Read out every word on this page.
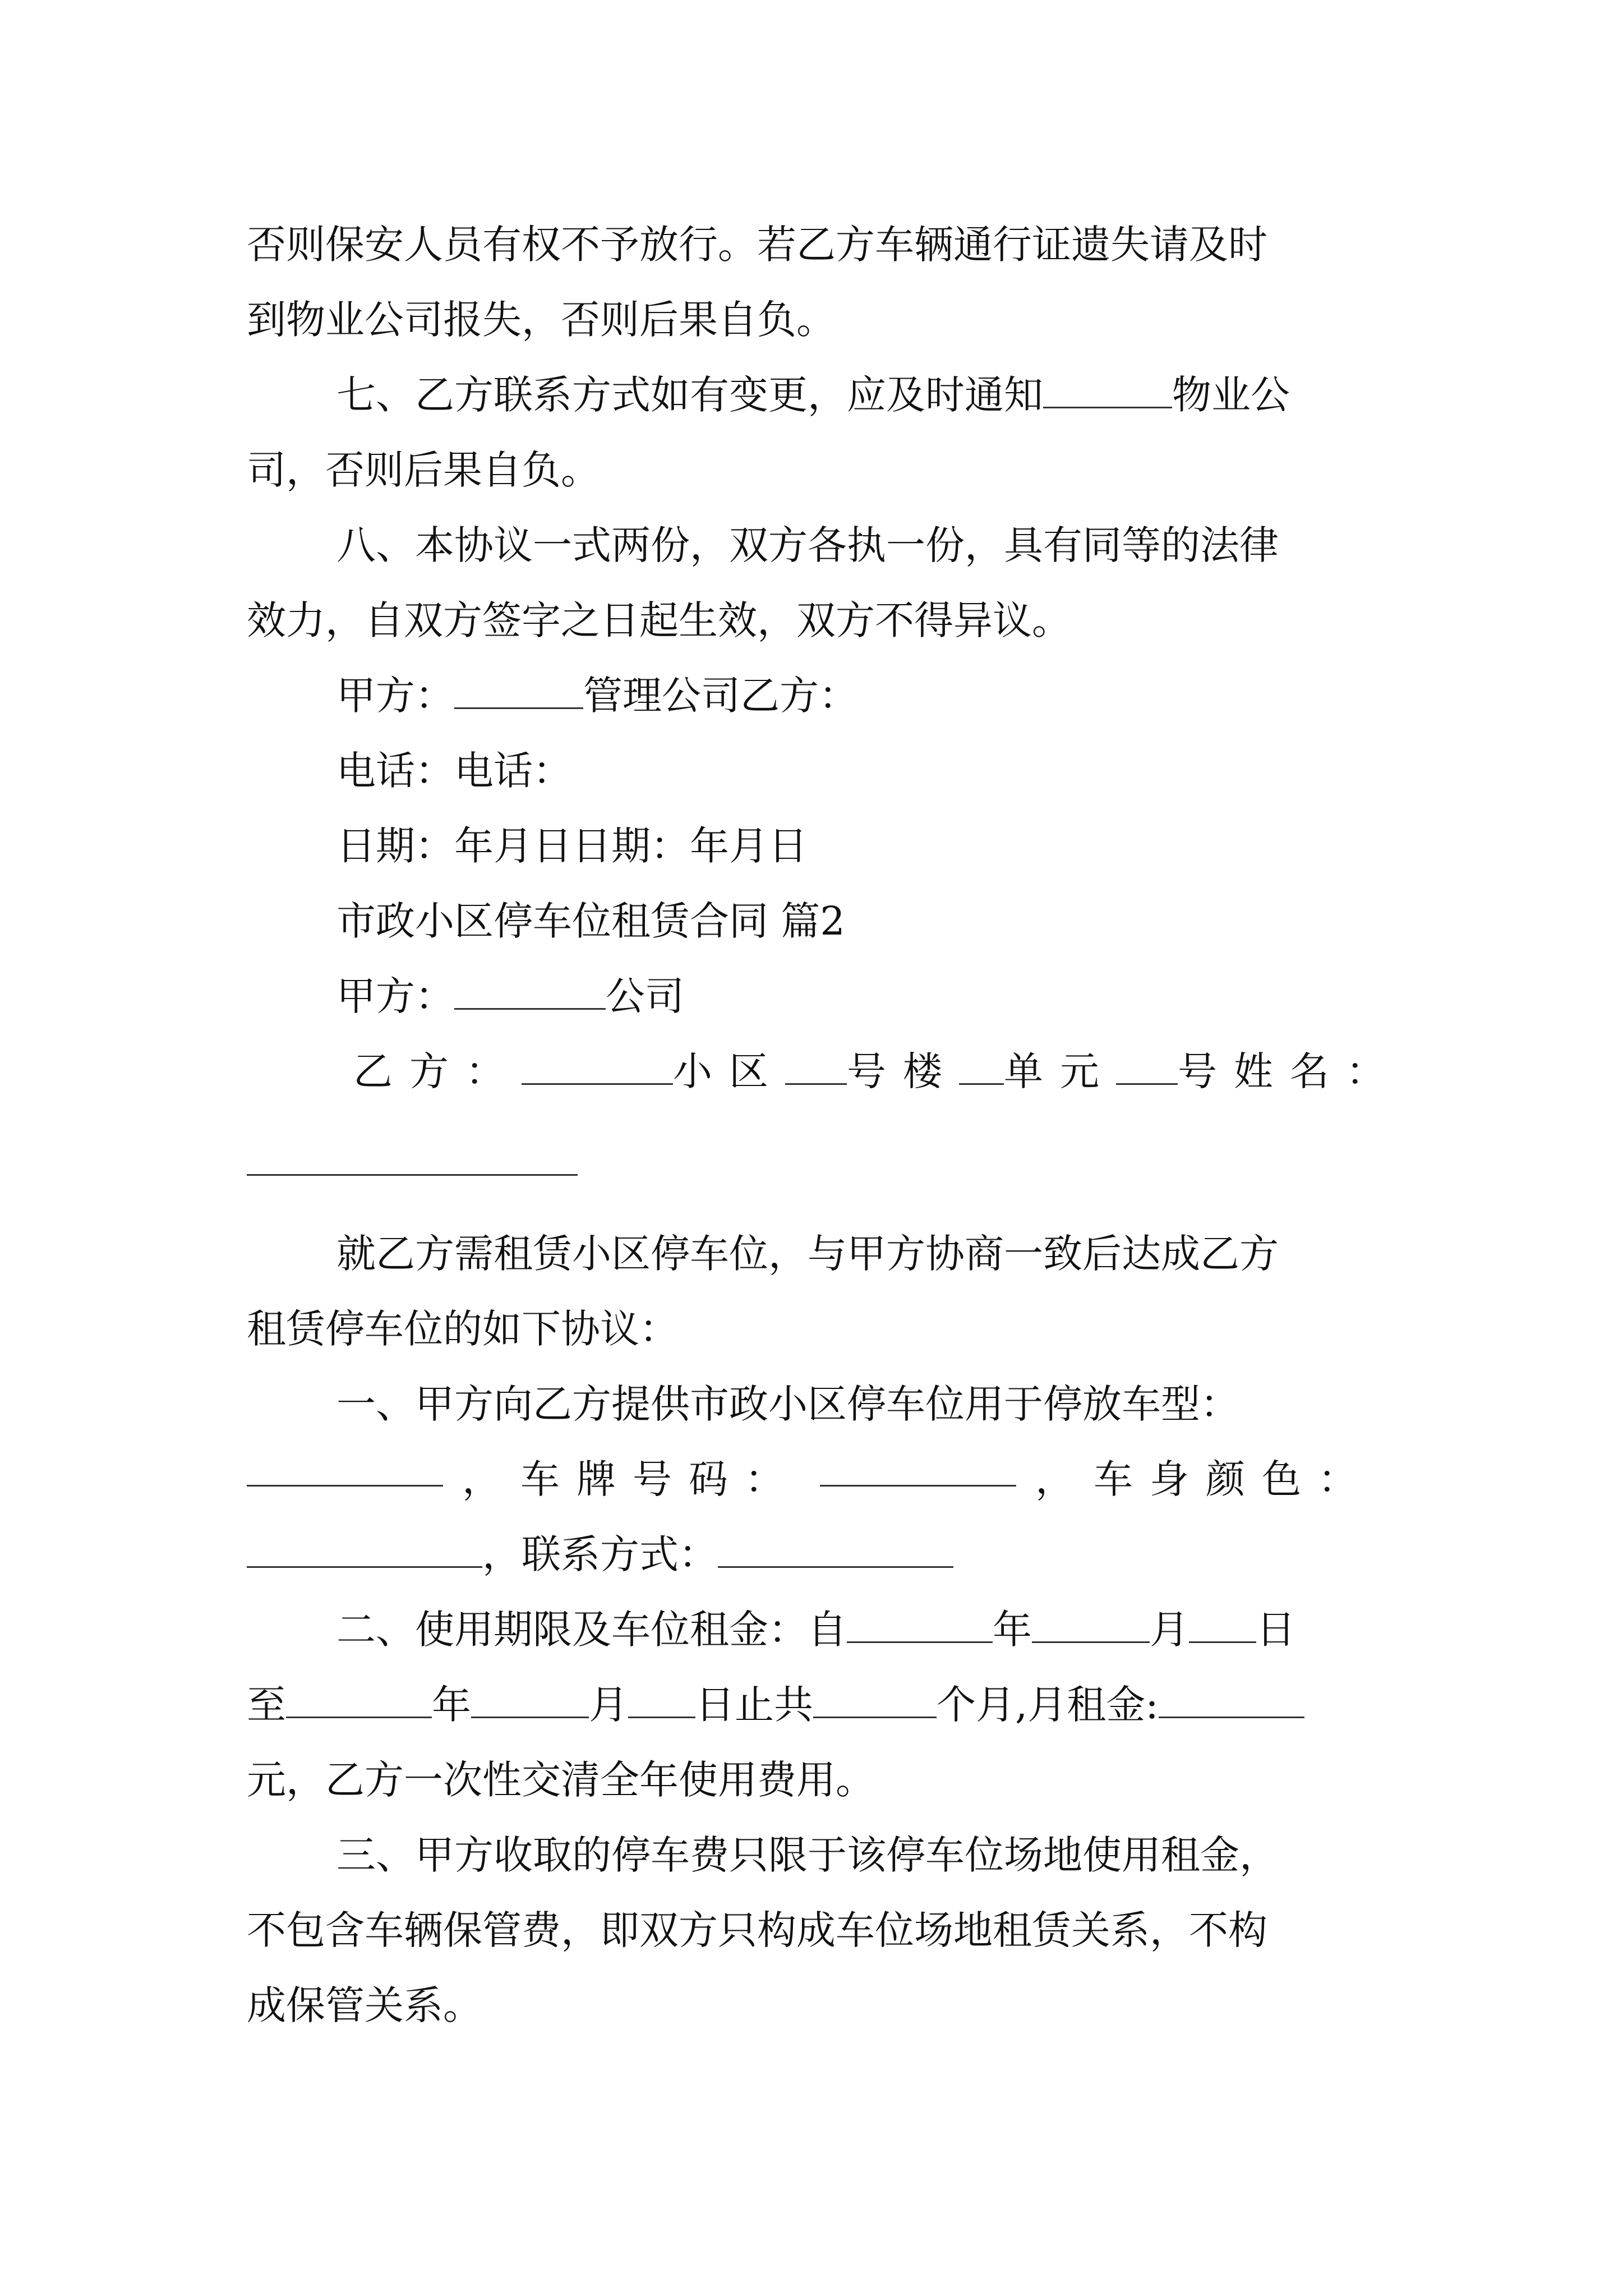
否则保安人员有权不予放行。若乙方车辆通行证遗失请及时
到物业公司报失，否则后果自负。
七、乙方联系方式如有变更，应及时通知	物业公
司，否则后果自负。
八、本协议一式两份，双方各执一份，具有同等的法律
效力，自双方签字之日起生效，双方不得异议。
甲方：	管理公司乙方：
电话：电话：
日期：年月日日期：年月日
市政小区停车位租赁合同 篇2
甲方：	公司
乙方：	小区 号楼 单元 号姓名：
就乙方需租赁小区停车位，与甲方协商一致后达成乙方
租赁停车位的如下协议：
一、甲方向乙方提供市政小区停车位用于停放车型：
， 车牌号码：	， 车身颜色：
，联系方式：
二、使用期限及车位租金：自	年	月 日
至	年	月 日止共	个月,月租金:
元，乙方一次性交清全年使用费用。
三、甲方收取的停车费只限于该停车位场地使用租金，
不包含车辆保管费，即双方只构成车位场地租赁关系，不构
成保管关系。
